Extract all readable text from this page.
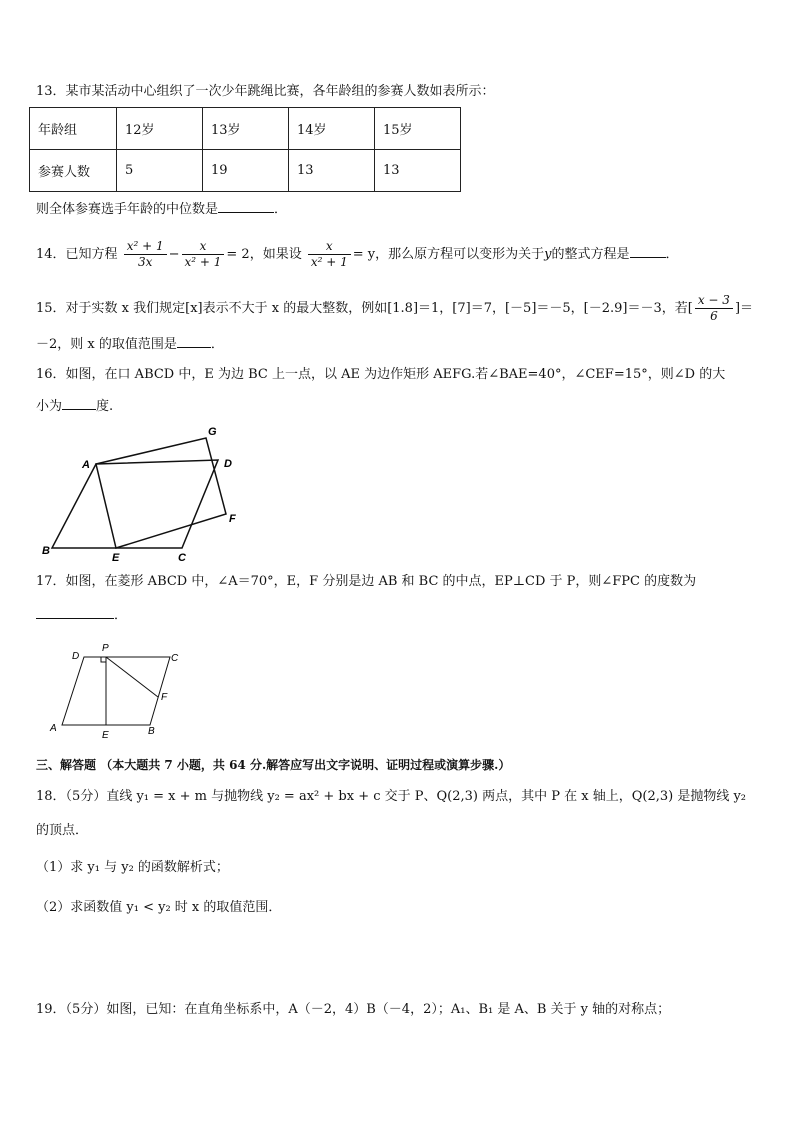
13．某市某活动中心组织了一次少年跳绳比赛，各年龄组的参赛人数如表所示：
年龄组	12岁	13岁	14岁	15岁
参赛人数	5	19	13	13
则全体参赛选手年龄的中位数是	．
14．已知方程 $\frac{\text{x² + 1}}{3x} - \frac{x}{\text{x² + 1}} = 2$，如果设 $\frac{x}{\text{x² + 1}} = y$，那么原方程可以变形为关于y的整式方程是	．
15．对于实数 x 我们规定[x]表示不大于 x 的最大整数，例如[1.8]＝1，[7]＝7，[－5]＝－5，[－2.9]＝－3，若[ $\frac{x - 3}{6}$ ]＝
－2，则 x 的取值范围是	．
16．如图，在口 ABCD 中，E 为边 BC 上一点，以 AE 为边作矩形 AEFG.若∠BAE=40°，∠CEF=15°，则∠D 的大
小为	度.
A
B
C
D
E
F
G
17．如图，在菱形 ABCD 中，∠A＝70°，E，F 分别是边 AB 和 BC 的中点，EP⊥CD 于 P，则∠FPC 的度数为
．
D
P
C
F
A
E	B
三、解答题 （本大题共 7 小题，共 64 分.解答应写出文字说明、证明过程或演算步骤.）
18．（5分）直线 y₁ = x + m 与抛物线 y₂ = ax² + bx + c 交于 P、Q(2,3) 两点，其中 P 在 x 轴上，Q(2,3) 是抛物线 y₂
的顶点．
（1）求 y₁ 与 y₂ 的函数解析式；
（2）求函数值 y₁ < y₂ 时 x 的取值范围．
19．（5分）如图，已知：在直角坐标系中，A（－2，4）B（－4，2）；A₁、B₁ 是 A、B 关于 y 轴的对称点；
